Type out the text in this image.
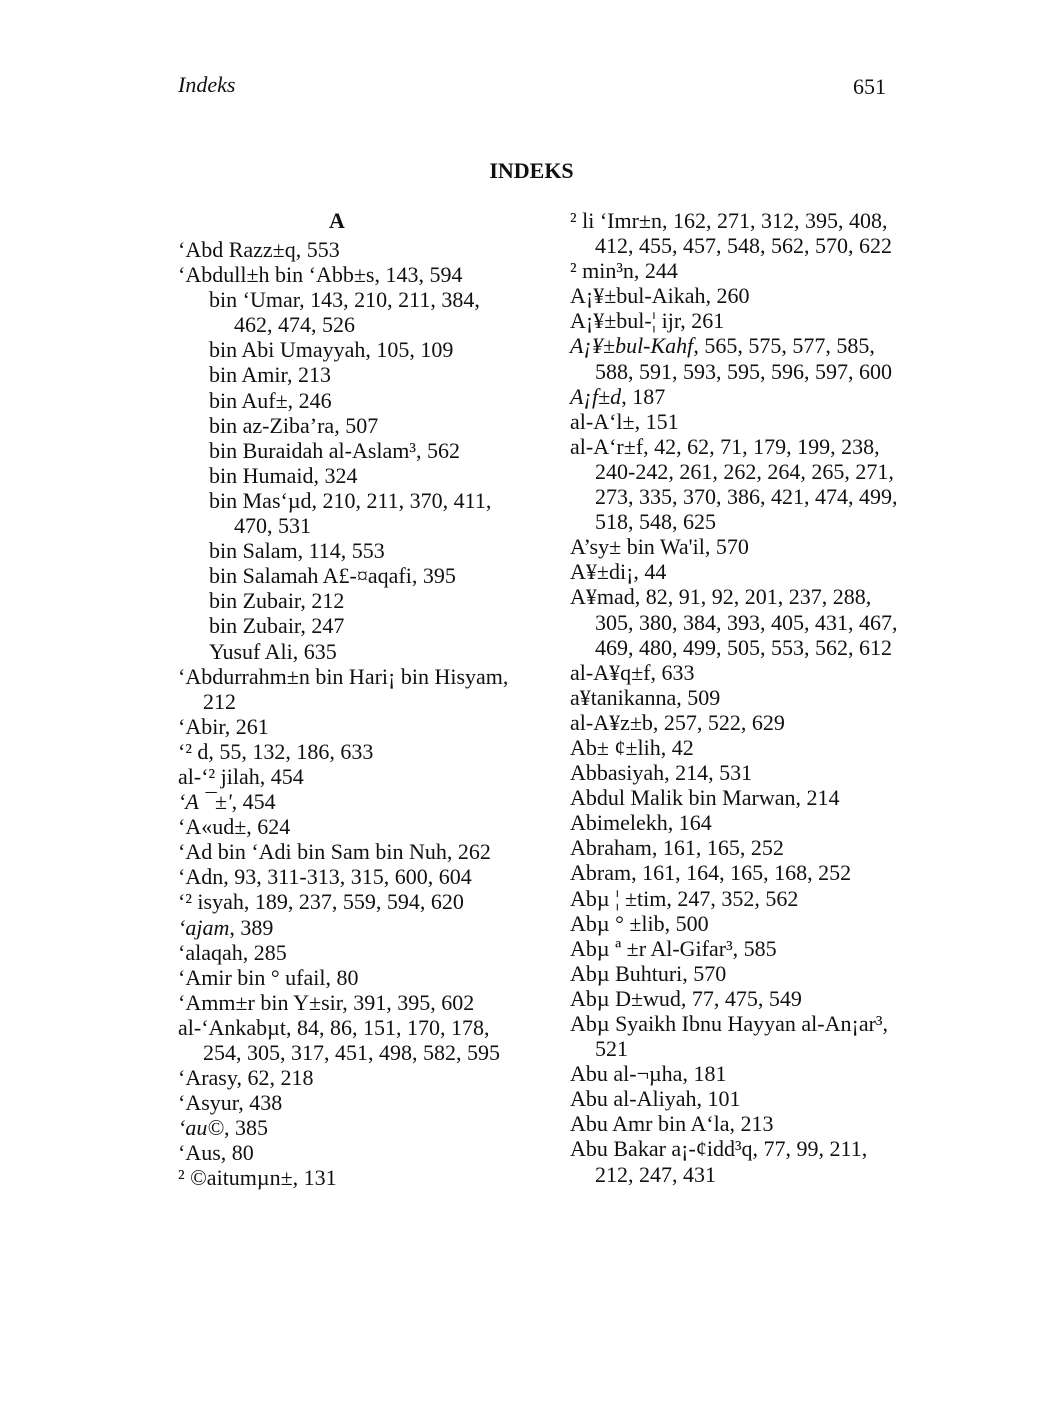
Indeks	651
INDEKS
A
‘Abd Razz±q, 553
‘Abdull±h bin ‘Abb±s, 143, 594
bin ‘Umar, 143, 210, 211, 384, 462, 474, 526
bin Abi Umayyah, 105, 109
bin Amir, 213
bin Auf±, 246
bin az-Ziba’ra, 507
bin Buraidah al-Aslam³, 562
bin Humaid, 324
bin Mas‘µd, 210, 211, 370, 411, 470, 531
bin Salam, 114, 553
bin Salamah A£-¤aqafi, 395
bin Zubair, 212
bin Zubair, 247
Yusuf Ali, 635
‘Abdurrahm±n bin Hari¡ bin Hisyam, 212
‘Abir, 261
‘² d, 55, 132, 186, 633
al-‘² jilah, 454
‘A ¯±', 454
‘A«ud±, 624
‘Ad bin ‘Adi bin Sam bin Nuh, 262
‘Adn, 93, 311-313, 315, 600, 604
‘² isyah, 189, 237, 559, 594, 620
‘ajam, 389
‘alaqah, 285
‘Amir bin ° ufail, 80
‘Amm±r bin Y±sir, 391, 395, 602
al-‘Ankabµt, 84, 86, 151, 170, 178, 254, 305, 317, 451, 498, 582, 595
‘Arasy, 62, 218
‘Asyur, 438
‘au©, 385
‘Aus, 80
² ©aitumµn±, 131
² li ‘Imr±n, 162, 271, 312, 395, 408, 412, 455, 457, 548, 562, 570, 622
² min³n, 244
A¡¥±bul-Aikah, 260
A¡¥±bul-¦ ijr, 261
A¡¥±bul-Kahf, 565, 575, 577, 585, 588, 591, 593, 595, 596, 597, 600
A¡f±d, 187
al-A‘l±, 151
al-A‘r±f, 42, 62, 71, 179, 199, 238, 240-242, 261, 262, 264, 265, 271, 273, 335, 370, 386, 421, 474, 499, 518, 548, 625
A’sy± bin Wa'il, 570
A¥±di¡, 44
A¥mad, 82, 91, 92, 201, 237, 288, 305, 380, 384, 393, 405, 431, 467, 469, 480, 499, 505, 553, 562, 612
al-A¥q±f, 633
a¥tanikanna, 509
al-A¥z±b, 257, 522, 629
Ab± ¢±lih, 42
Abbasiyah, 214, 531
Abdul Malik bin Marwan, 214
Abimelekh, 164
Abraham, 161, 165, 252
Abram, 161, 164, 165, 168, 252
Abµ ¦ ±tim, 247, 352, 562
Abµ ° ±lib, 500
Abµ ª ±r Al-Gifar³, 585
Abµ Buhturi, 570
Abµ D±wud, 77, 475, 549
Abµ Syaikh Ibnu Hayyan al-An¡ar³, 521
Abu al-¬µha, 181
Abu al-Aliyah, 101
Abu Amr bin A‘la, 213
Abu Bakar a¡-¢idd³q, 77, 99, 211, 212, 247, 431
